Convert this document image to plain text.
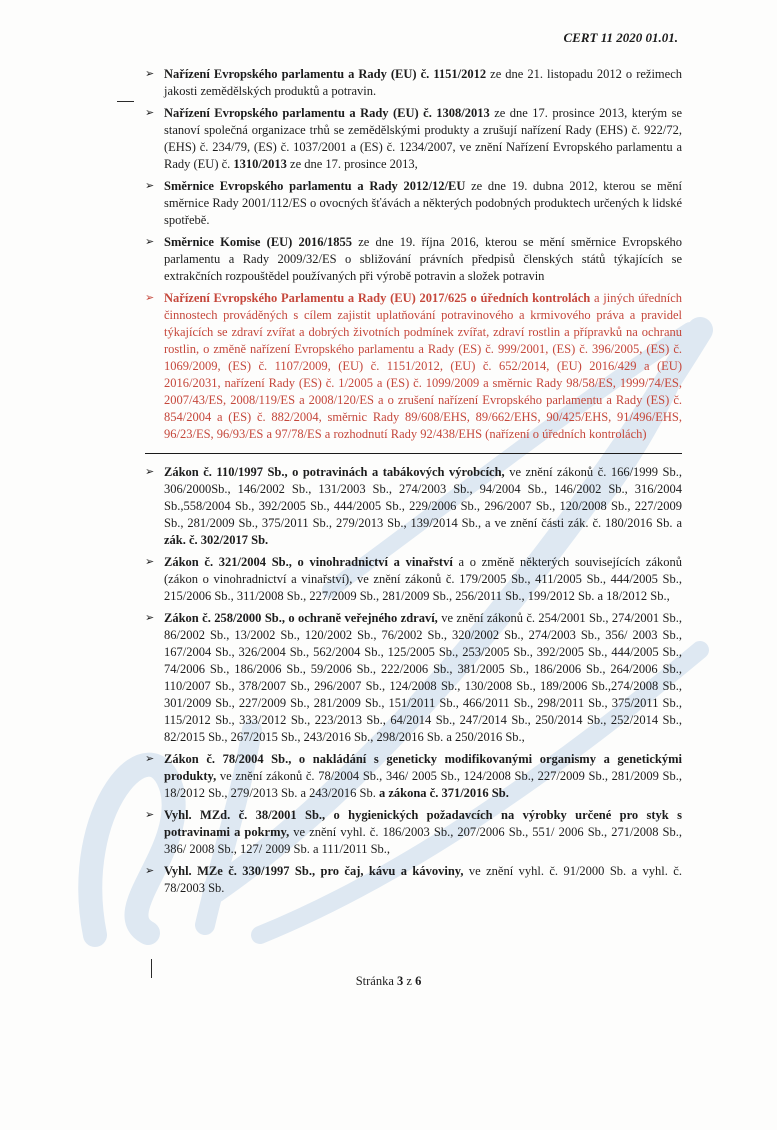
CERT 11 2020 01.01.
➢ Nařízení Evropského parlamentu a Rady (EU) č. 1151/2012 ze dne 21. listopadu 2012 o režimech jakosti zemědělských produktů a potravin.
➢ Nařízení Evropského parlamentu a Rady (EU) č. 1308/2013 ze dne 17. prosince 2013, kterým se stanoví společná organizace trhů se zemědělskými produkty a zrušují nařízení Rady (EHS) č. 922/72, (EHS) č. 234/79, (ES) č. 1037/2001 a (ES) č. 1234/2007, ve znění Nařízení Evropského parlamentu a Rady (EU) č. 1310/2013 ze dne 17. prosince 2013,
➢ Směrnice Evropského parlamentu a Rady 2012/12/EU ze dne 19. dubna 2012, kterou se mění směrnice Rady 2001/112/ES o ovocných šťávách a některých podobných produktech určených k lidské spotřebě.
➢ Směrnice Komise (EU) 2016/1855 ze dne 19. října 2016, kterou se mění směrnice Evropského parlamentu a Rady 2009/32/ES o sbližování právních předpisů členských států týkajících se extrakčních rozpouštědel používaných při výrobě potravin a složek potravin
➢ Nařízení Evropského Parlamentu a Rady (EU) 2017/625 o úředních kontrolách a jiných úředních činnostech prováděných s cílem zajistit uplatňování potravinového a krmivového práva a pravidel týkajících se zdraví zvířat a dobrých životních podmínek zvířat, zdraví rostlin a přípravků na ochranu rostlin, o změně nařízení Evropského parlamentu a Rady (ES) č. 999/2001, (ES) č. 396/2005, (ES) č. 1069/2009, (ES) č. 1107/2009, (EU) č. 1151/2012, (EU) č. 652/2014, (EU) 2016/429 a (EU) 2016/2031, nařízení Rady (ES) č. 1/2005 a (ES) č. 1099/2009 a směrnic Rady 98/58/ES, 1999/74/ES, 2007/43/ES, 2008/119/ES a 2008/120/ES a o zrušení nařízení Evropského parlamentu a Rady (ES) č. 854/2004 a (ES) č. 882/2004, směrnic Rady 89/608/EHS, 89/662/EHS, 90/425/EHS, 91/496/EHS, 96/23/ES, 96/93/ES a 97/78/ES a rozhodnutí Rady 92/438/EHS (nařízení o úředních kontrolách)
➢ Zákon č. 110/1997 Sb., o potravinách a tabákových výrobcích, ve znění zákonů č. 166/1999 Sb., 306/2000Sb., 146/2002 Sb., 131/2003 Sb., 274/2003 Sb., 94/2004 Sb., 146/2002 Sb., 316/2004 Sb.,558/2004 Sb., 392/2005 Sb., 444/2005 Sb., 229/2006 Sb., 296/2007 Sb., 120/2008 Sb., 227/2009 Sb., 281/2009 Sb., 375/2011 Sb., 279/2013 Sb., 139/2014 Sb., a ve znění části zák. č. 180/2016 Sb. a zák. č. 302/2017 Sb.
➢ Zákon č. 321/2004 Sb., o vinohradnictví a vinařství a o změně některých souvisejících zákonů (zákon o vinohradnictví a vinařství), ve znění zákonů č. 179/2005 Sb., 411/2005 Sb., 444/2005 Sb., 215/2006 Sb., 311/2008 Sb., 227/2009 Sb., 281/2009 Sb., 256/2011 Sb., 199/2012 Sb. a 18/2012 Sb.,
➢ Zákon č. 258/2000 Sb., o ochraně veřejného zdraví, ve znění zákonů č. 254/2001 Sb., 274/2001 Sb., 86/2002 Sb., 13/2002 Sb., 120/2002 Sb., 76/2002 Sb., 320/2002 Sb., 274/2003 Sb., 356/ 2003 Sb., 167/2004 Sb., 326/2004 Sb., 562/2004 Sb., 125/2005 Sb., 253/2005 Sb., 392/2005 Sb., 444/2005 Sb., 74/2006 Sb., 186/2006 Sb., 59/2006 Sb., 222/2006 Sb., 381/2005 Sb., 186/2006 Sb., 264/2006 Sb., 110/2007 Sb., 378/2007 Sb., 296/2007 Sb., 124/2008 Sb., 130/2008 Sb., 189/2006 Sb.,274/2008 Sb., 301/2009 Sb., 227/2009 Sb., 281/2009 Sb., 151/2011 Sb., 466/2011 Sb., 298/2011 Sb., 375/2011 Sb., 115/2012 Sb., 333/2012 Sb., 223/2013 Sb., 64/2014 Sb., 247/2014 Sb., 250/2014 Sb., 252/2014 Sb., 82/2015 Sb., 267/2015 Sb., 243/2016 Sb., 298/2016 Sb. a 250/2016 Sb.,
➢ Zákon č. 78/2004 Sb., o nakládání s geneticky modifikovanými organismy a genetickými produkty, ve znění zákonů č. 78/2004 Sb., 346/ 2005 Sb., 124/2008 Sb., 227/2009 Sb., 281/2009 Sb., 18/2012 Sb., 279/2013 Sb. a 243/2016 Sb. a zákona č. 371/2016 Sb.
➢ Vyhl. MZd. č. 38/2001 Sb., o hygienických požadavcích na výrobky určené pro styk s potravinami a pokrmy, ve znění vyhl. č. 186/2003 Sb., 207/2006 Sb., 551/ 2006 Sb., 271/2008 Sb., 386/ 2008 Sb., 127/ 2009 Sb. a 111/2011 Sb.,
➢ Vyhl. MZe č. 330/1997 Sb., pro čaj, kávu a kávoviny, ve znění vyhl. č. 91/2000 Sb. a vyhl. č. 78/2003 Sb.
Stránka 3 z 6
